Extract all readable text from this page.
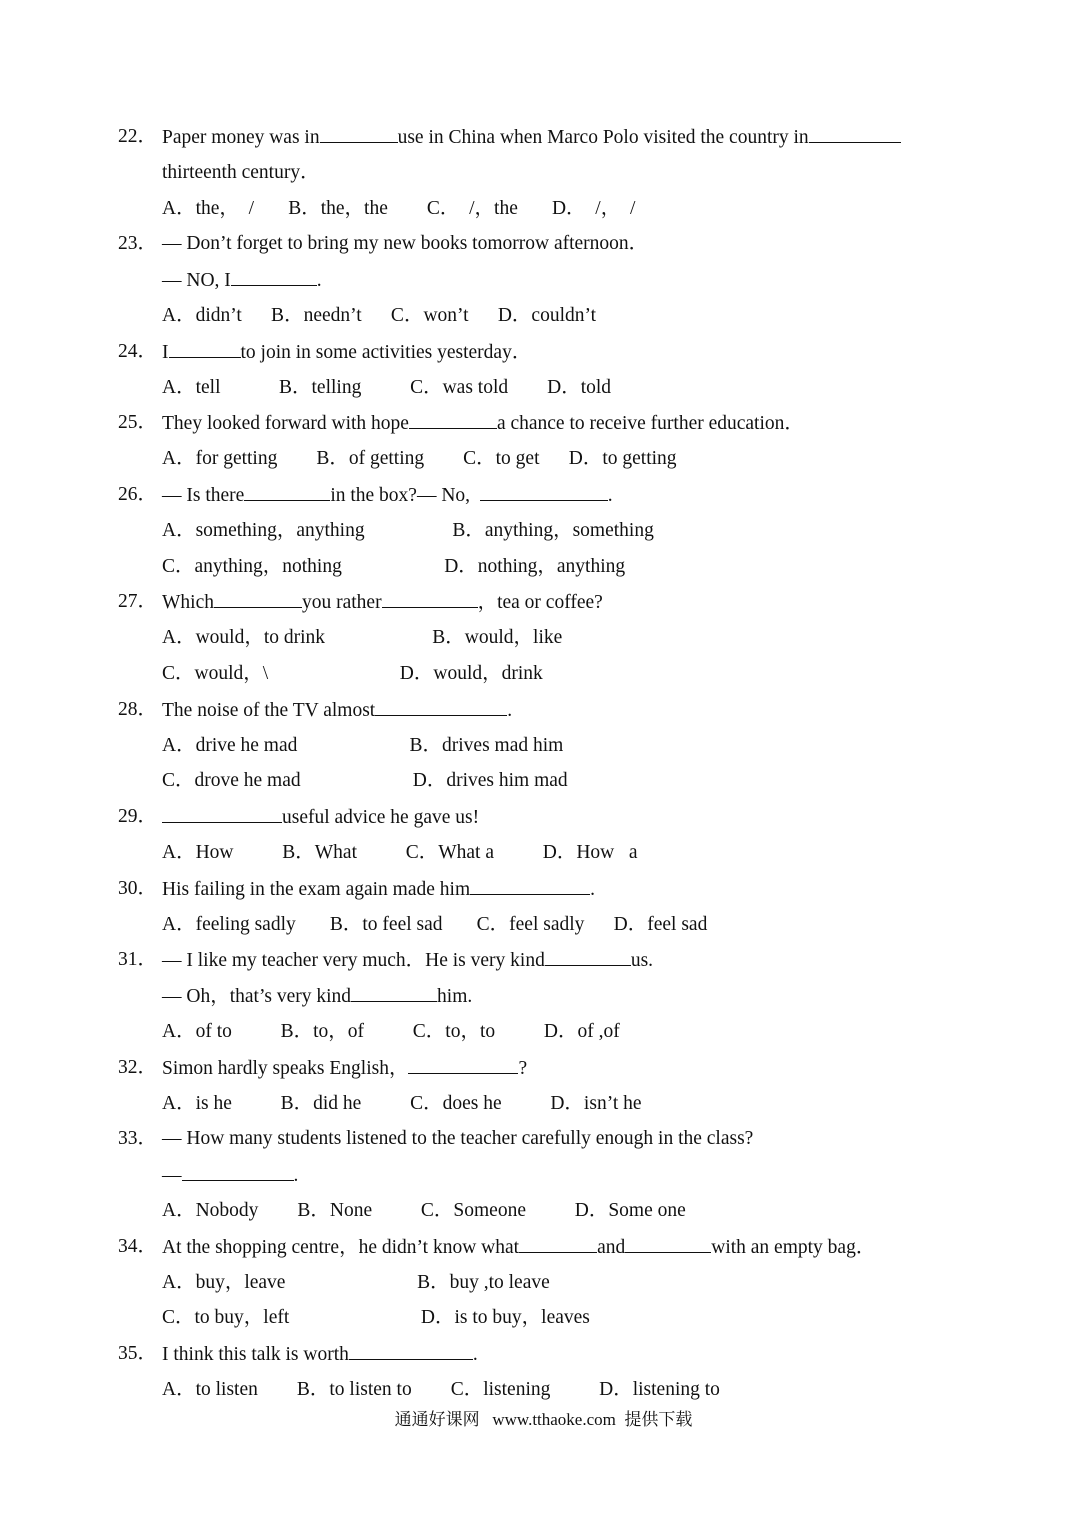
22． Paper money was in	use in China when Marco Polo visited the country in
thirteenth century．
A．the，  /       B．the，the        C．  /，the       D．  /，  /
23． — Don’t forget to bring my new books tomorrow afternoon．
— NO, I	.
A．didn’t      B．needn’t      C．won’t      D．couldn’t
24． I	to join in some activities yesterday．
A．tell            B．telling          C．was told        D．told
25． They looked forward with hope	a chance to receive further education．
A．for getting        B．of getting        C．to get      D．to getting
26． — Is there	in the box?— No,	.
A．something，anything                  B．anything，something
C．anything，nothing                     D．nothing，anything
27． Which	you rather	，tea or coffee?
A．would，to drink                      B．would，like
C．would，\                           D．would，drink
28． The noise of the TV almost	.
A．drive he mad                       B．drives mad him
C．drove he mad                       D．drives him mad
29．	useful advice he gave us!
A．How          B．What          C．What a          D．How   a
30． His failing in the exam again made him	.
A．feeling sadly       B．to feel sad       C．feel sadly      D．feel sad
31． — I like my teacher very much．He is very kind	us.
— Oh，that’s very kind	him.
A．of to          B．to，of          C．to，to          D．of ,of
32． Simon hardly speaks English，	?
A．is he          B．did he          C．does he          D．isn’t he
33． — How many students listened to the teacher carefully enough in the class?
—	.
A．Nobody        B．None          C．Someone          D．Some one
34． At the shopping centre，he didn’t know what	and	with an empty bag．
A．buy，leave                           B．buy ,to leave
C．to buy，left                           D．is to buy，leaves
35． I think this talk is worth	.
A．to listen        B．to listen to        C．listening          D．listening to
通通好课网   www.tthaoke.com  提供下载
